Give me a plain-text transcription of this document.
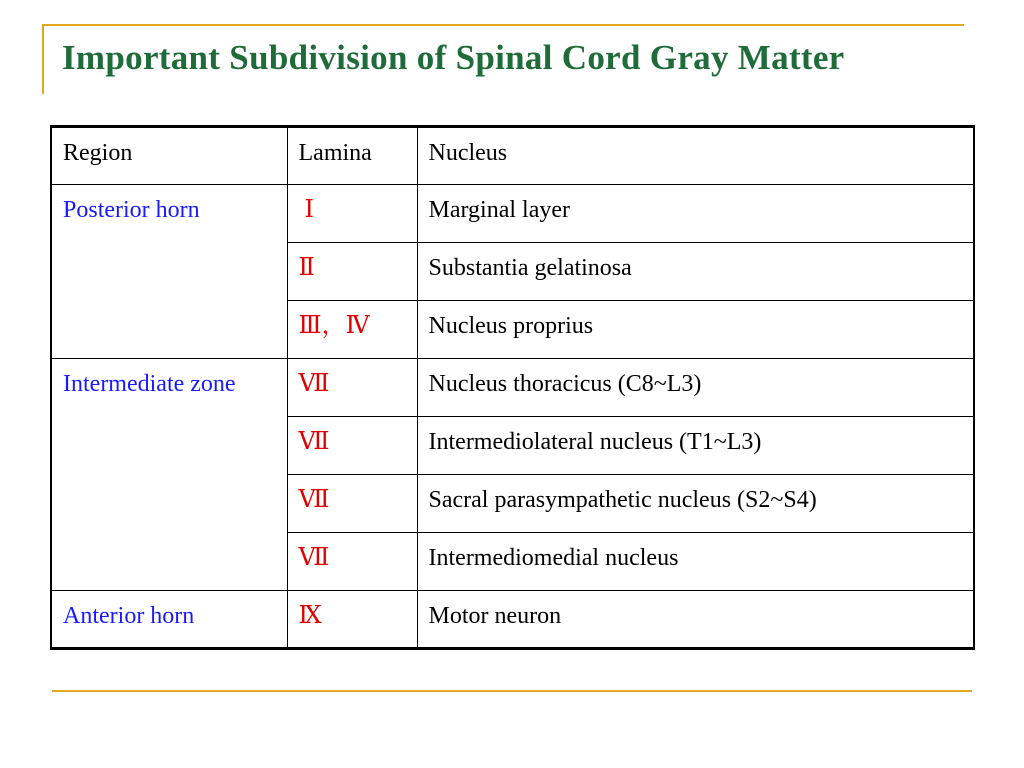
Important Subdivision of Spinal Cord Gray Matter
Region	Lamina	Nucleus
Posterior horn	Ⅰ	Marginal layer
	Ⅱ	Substantia gelatinosa
	Ⅲ，Ⅳ	Nucleus proprius
Intermediate zone	Ⅶ	Nucleus thoracicus (C8~L3)
	Ⅶ	Intermediolateral nucleus (T1~L3)
	Ⅶ	Sacral parasympathetic nucleus (S2~S4)
	Ⅶ	Intermediomedial nucleus
Anterior horn	Ⅸ	Motor neuron
